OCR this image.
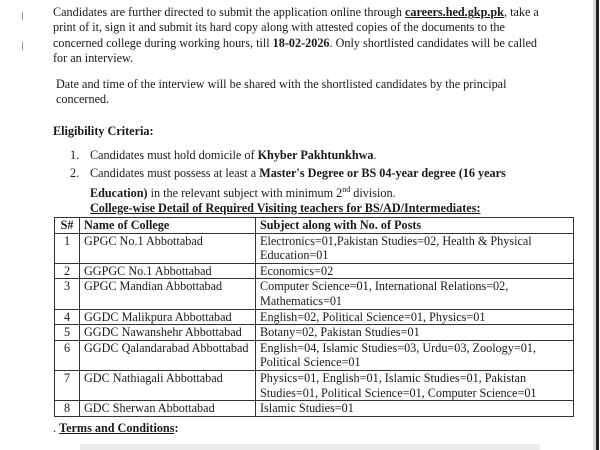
Candidates are further directed to submit the application online through careers.hed.gkp.pk, take a print of it, sign it and submit its hard copy along with attested copies of the documents to the concerned college during working hours, till 18-02-2026. Only shortlisted candidates will be called for an interview.

Date and time of the interview will be shared with the shortlisted candidates by the principal concerned.

Eligibility Criteria:

1. Candidates must hold domicile of Khyber Pakhtunkhwa.
2. Candidates must possess at least a Master's Degree or BS 04-year degree (16 years Education) in the relevant subject with minimum 2nd division.

College-wise Detail of Required Visiting teachers for BS/AD/Intermediates:

S#	Name of College	Subject along with No. of Posts
1	GPGC No.1 Abbottabad	Electronics=01,Pakistan Studies=02, Health & Physical Education=01
2	GGPGC No.1 Abbottabad	Economics=02
3	GPGC Mandian Abbottabad	Computer Science=01, International Relations=02, Mathematics=01
4	GGDC Malikpura Abbottabad	English=02, Political Science=01, Physics=01
5	GGDC Nawanshehr Abbottabad	Botany=02, Pakistan Studies=01
6	GGDC Qalandarabad Abbottabad	English=04, Islamic Studies=03, Urdu=03, Zoology=01, Political Science=01
7	GDC Nathiagali Abbottabad	Physics=01, English=01, Islamic Studies=01, Pakistan Studies=01, Political Science=01, Computer Science=01
8	GDC Sherwan Abbottabad	Islamic Studies=01

. Terms and Conditions:
